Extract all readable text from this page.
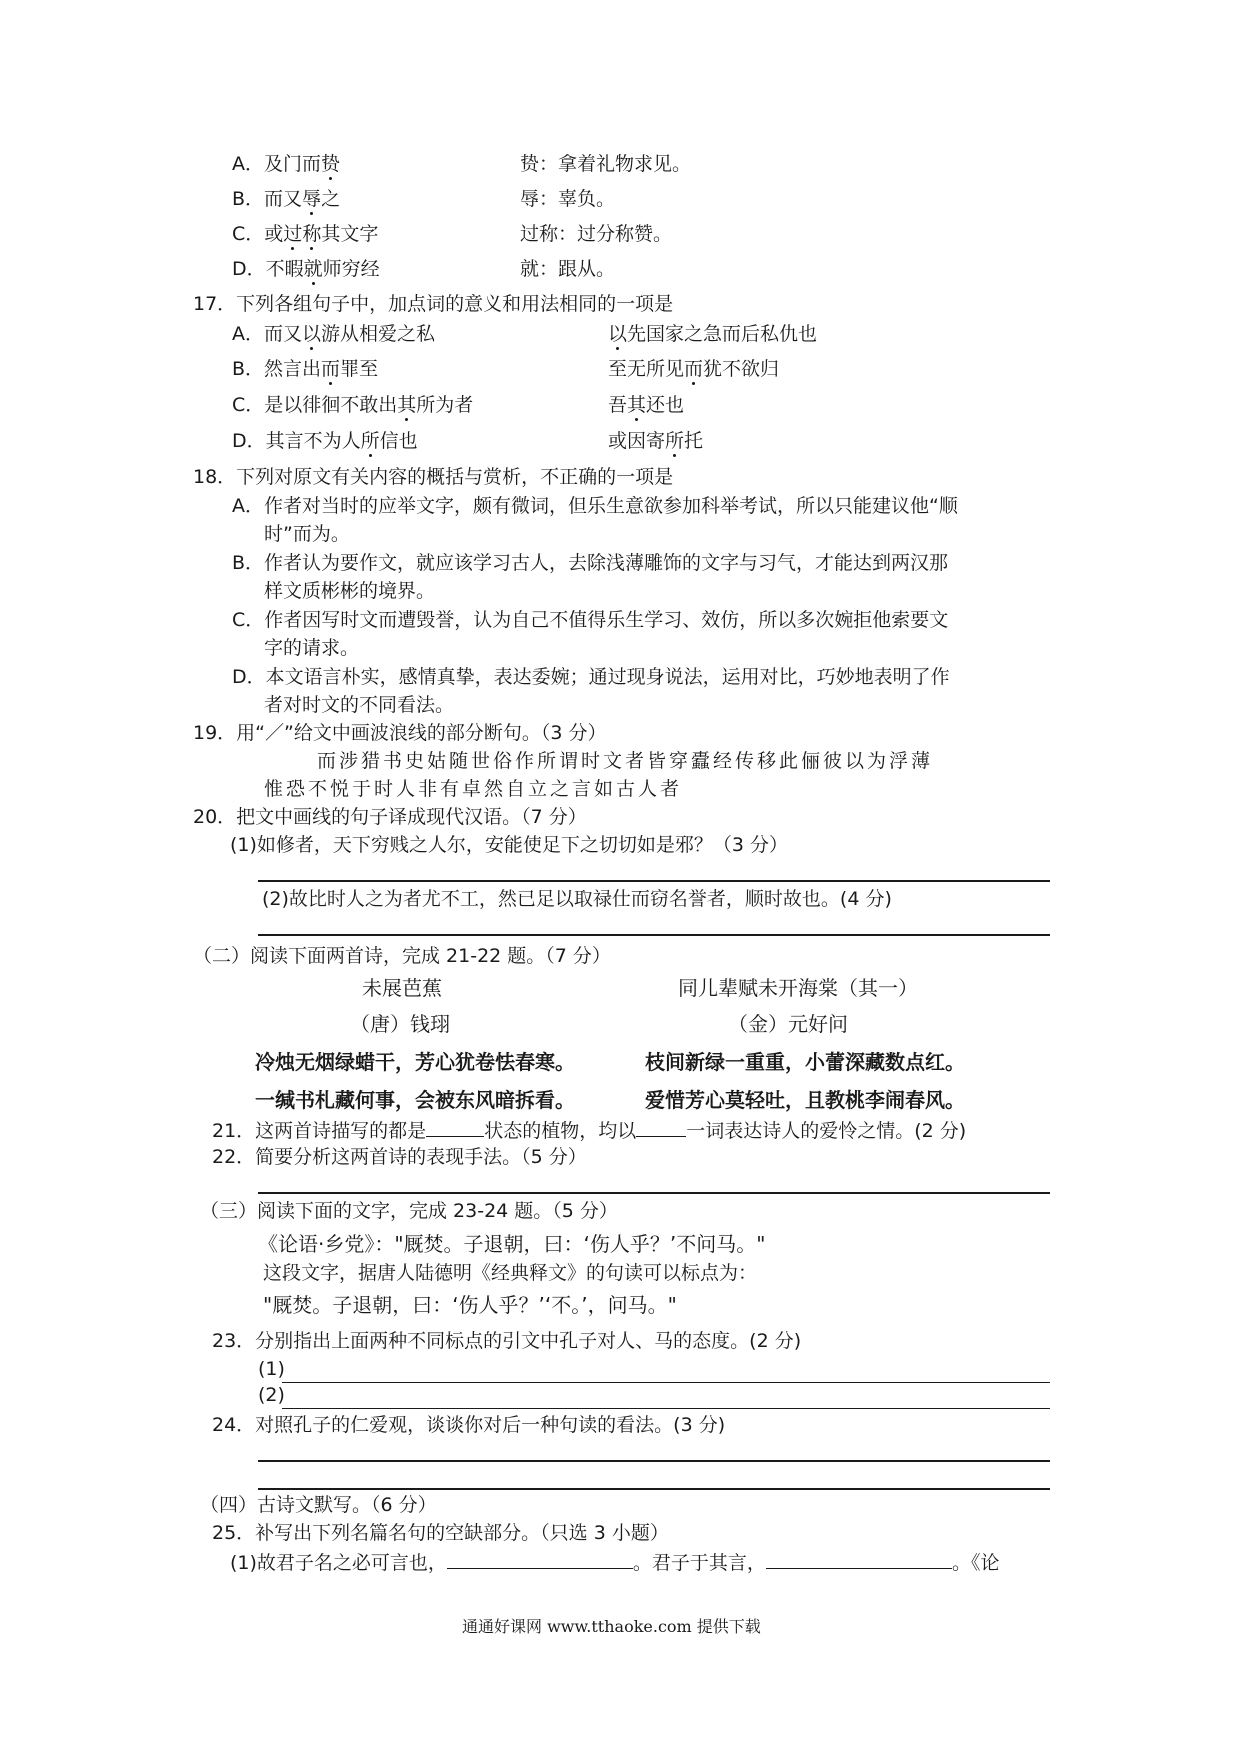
A．及门而贽	贽：拿着礼物求见。
B．而又辱之	辱：辜负。
C．或过称其文字	过称：过分称赞。
D．不暇就师穷经	就：跟从。
17．下列各组句子中，加点词的意义和用法相同的一项是
A．而又以游从相爱之私	以先国家之急而后私仇也
B．然言出而罪至	至无所见而犹不欲归
C．是以徘徊不敢出其所为者	吾其还也
D．其言不为人所信也	或因寄所托
18．下列对原文有关内容的概括与赏析，不正确的一项是
A．作者对当时的应举文字，颇有微词，但乐生意欲参加科举考试，所以只能建议他“顺
时”而为。
B．作者认为要作文，就应该学习古人，去除浅薄雕饰的文字与习气，才能达到两汉那
样文质彬彬的境界。
C．作者因写时文而遭毁誉，认为自己不值得乐生学习、效仿，所以多次婉拒他索要文
字的请求。
D．本文语言朴实，感情真挚，表达委婉；通过现身说法，运用对比，巧妙地表明了作
者对时文的不同看法。
19．用“／”给文中画波浪线的部分断句。（3 分）
而涉猎书史姑随世俗作所谓时文者皆穿蠹经传移此俪彼以为浮薄
惟恐不悦于时人非有卓然自立之言如古人者
20．把文中画线的句子译成现代汉语。（7 分）
(1)如修者，天下穷贱之人尔，安能使足下之切切如是邪？（3 分）
(2)故比时人之为者尤不工，然已足以取禄仕而窃名誉者，顺时故也。(4 分)
（二）阅读下面两首诗，完成 21-22 题。（7 分）
未展芭蕉	同儿辈赋未开海棠（其一）
（唐）钱珝	（金）元好问
冷烛无烟绿蜡干，芳心犹卷怯春寒。	枝间新绿一重重，小蕾深藏数点红。
一缄书札藏何事，会被东风暗拆看。	爱惜芳心莫轻吐，且教桃李闹春风。
21．这两首诗描写的都是	状态的植物，均以	一词表达诗人的爱怜之情。(2 分)
22．简要分析这两首诗的表现手法。（5 分）
（三）阅读下面的文字，完成 23-24 题。（5 分）
《论语·乡党》："厩焚。子退朝，曰：‘伤人乎？’不问马。"
这段文字，据唐人陆德明《经典释文》的句读可以标点为：
"厩焚。子退朝，曰：‘伤人乎？’‘不。’，问马。"
23．分别指出上面两种不同标点的引文中孔子对人、马的态度。(2 分)
(1)
(2)
24．对照孔子的仁爱观，谈谈你对后一种句读的看法。(3 分)
（四）古诗文默写。（6 分）
25．补写出下列名篇名句的空缺部分。（只选 3 小题）
(1)故君子名之必可言也，	。君子于其言，	。《论
通通好课网 www.tthaoke.com 提供下载
